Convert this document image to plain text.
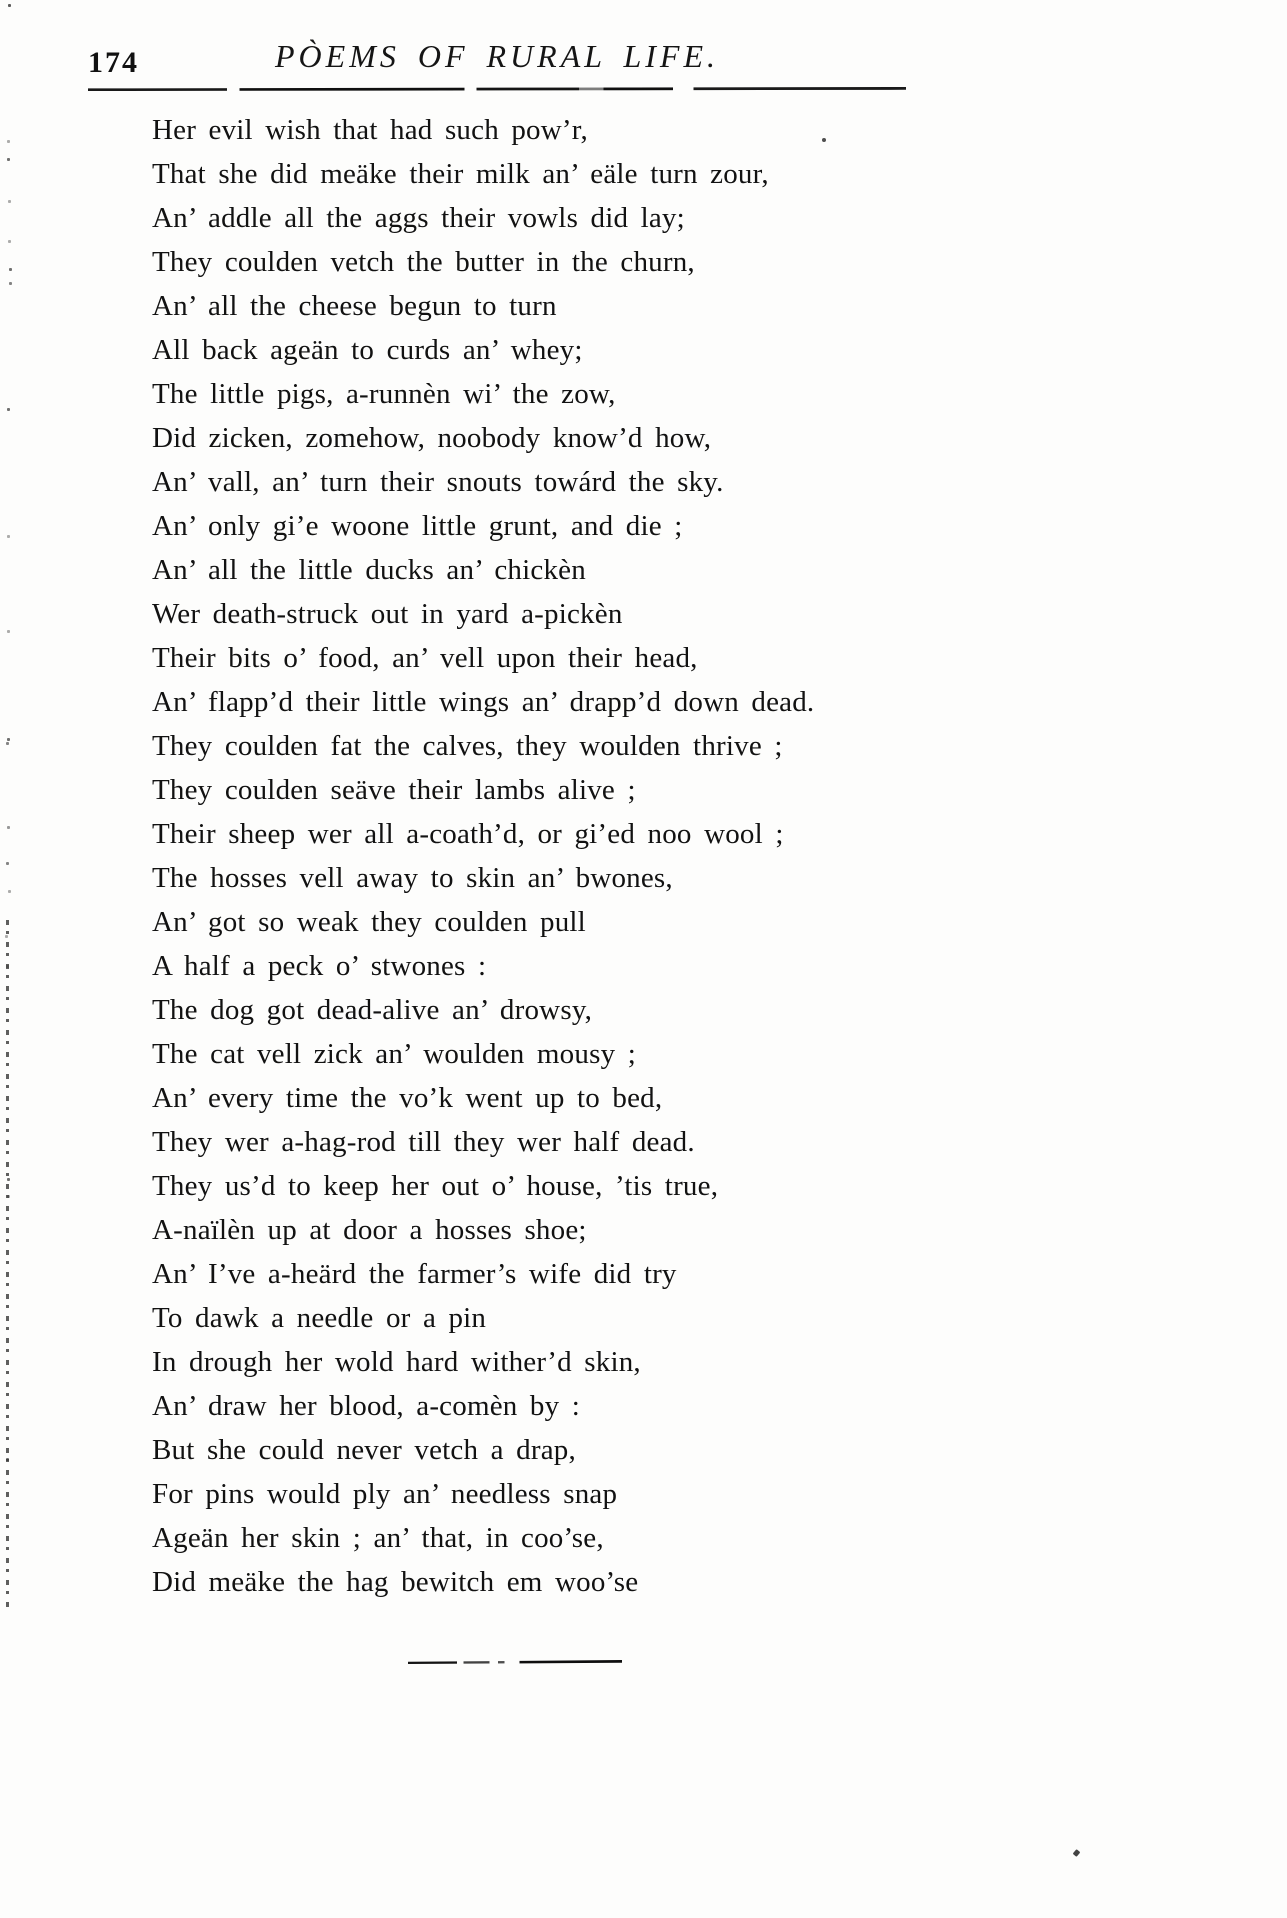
174	PÒEMS OF RURAL LIFE.
Her evil wish that had such pow’r,
That she did meäke their milk an’ eäle turn zour,
An’ addle all the aggs their vowls did lay;
They coulden vetch the butter in the churn,
An’ all the cheese begun to turn
All back ageän to curds an’ whey;
The little pigs, a-runnèn wi’ the zow,
Did zicken, zomehow, noobody know’d how,
An’ vall, an’ turn their snouts towárd the sky.
An’ only gi’e woone little grunt, and die ;
An’ all the little ducks an’ chickèn
Wer death-struck out in yard a-pickèn
Their bits o’ food, an’ vell upon their head,
An’ flapp’d their little wings an’ drapp’d down dead.
They coulden fat the calves, they woulden thrive ;
They coulden seäve their lambs alive ;
Their sheep wer all a-coath’d, or gi’ed noo wool ;
The hosses vell away to skin an’ bwones,
An’ got so weak they coulden pull
A half a peck o’ stwones :
The dog got dead-alive an’ drowsy,
The cat vell zick an’ woulden mousy ;
An’ every time the vo’k went up to bed,
They wer a-hag-rod till they wer half dead.
They us’d to keep her out o’ house, ’tis true,
A-naïlèn up at door a hosses shoe;
An’ I’ve a-heärd the farmer’s wife did try
To dawk a needle or a pin
In drough her wold hard wither’d skin,
An’ draw her blood, a-comèn by :
But she could never vetch a drap,
For pins would ply an’ needless snap
Ageän her skin ; an’ that, in coo’se,
Did meäke the hag bewitch em woo’se
